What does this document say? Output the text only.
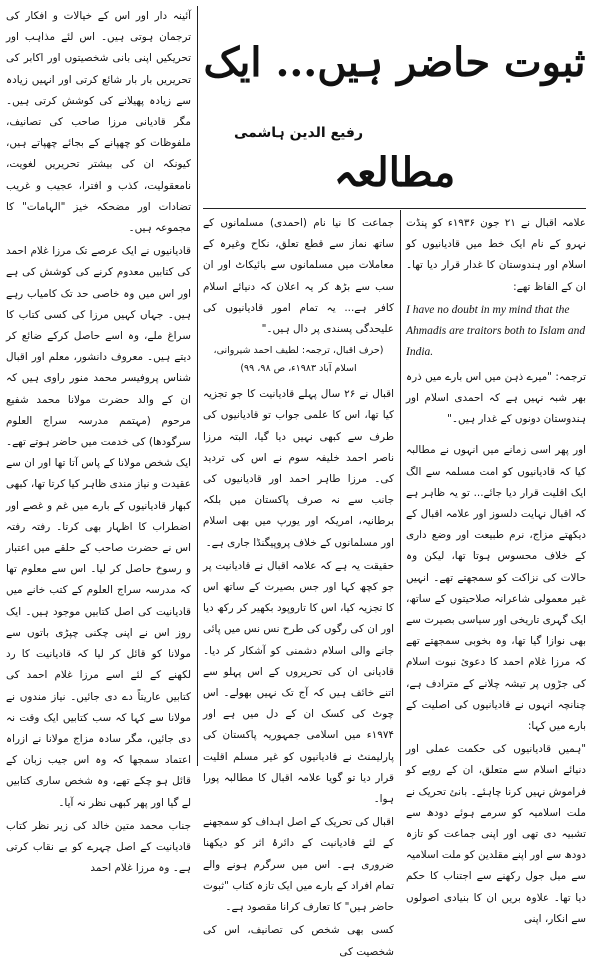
ثبوت حاضر ہیں... ایک مطالعہ
رفیع الدین ہاشمی

آئینہ دار اور اس کے خیالات و افکار کی ترجمان ہوتی ہیں۔ اس لئے مذاہب اور تحریکیں اپنی بانی شخصیتوں اور اکابر کی تحریریں بار بار شائع کرتی اور انہیں زیادہ سے زیادہ پھیلانے کی کوشش کرتی ہیں۔ مگر قادیانی مرزا صاحب کی تصانیف، ملفوظات کو چھپانے کے بجائے چھپاتے ہیں، کیونکہ ان کی بیشتر تحریریں لغویت، نامعقولیت، کذب و افترا، عجیب و غریب تضادات اور مضحکہ خیز "الہامات" کا مجموعہ ہیں۔

قادیانیوں نے ایک عرصے تک مرزا غلام احمد کی کتابیں معدوم کرنے کی کوشش کی ہے اور اس میں وہ خاصی حد تک کامیاب رہے ہیں۔ جہاں کہیں مرزا کی کسی کتاب کا سراغ ملے، وہ اسے حاصل کرکے ضائع کر دیتے ہیں۔ معروف دانشور، معلم اور اقبال شناس پروفیسر محمد منور راوی ہیں کہ ان کے والد حضرت مولانا محمد شفیع مرحوم (مہتمم مدرسہ سراج العلوم سرگودھا) کی خدمت میں حاضر ہوتے تھے۔ ایک شخص مولانا کے پاس آتا تھا اور ان سے عقیدت و نیاز مندی ظاہر کیا کرتا تھا، کبھی کبھار قادیانیوں کے بارے میں غم و غصے اور اضطراب کا اظہار بھی کرتا۔ رفتہ رفتہ اس نے حضرت صاحب کے حلقے میں اعتبار و رسوخ حاصل کر لیا۔ اس سے معلوم تھا کہ مدرسہ سراج العلوم کے کتب خانے میں قادیانیت کی اصل کتابیں موجود ہیں۔ ایک روز اس نے اپنی چکنی چپڑی باتوں سے مولانا کو قائل کر لیا کہ قادیانیت کا رد لکھنے کے لئے اسے مرزا غلام احمد کی کتابیں عاریتاً دے دی جائیں۔ نیاز مندوں نے مولانا سے کہا کہ سب کتابیں ایک وقت نہ دی جائیں، مگر سادہ مزاج مولانا نے ازراہ اعتماد سمجھا کہ وہ اس جیب زبان کے قائل ہو چکے تھے، وہ شخص ساری کتابیں لے گیا اور پھر کبھی نظر نہ آیا۔

جناب محمد متین خالد کی زیر نظر کتاب قادیانیت کے اصل چہرے کو بے نقاب کرتی ہے۔ وہ مرزا غلام احمد

جماعت کا نیا نام (احمدی) مسلمانوں کے ساتھ نماز سے قطع تعلق، نکاح وغیرہ کے معاملات میں مسلمانوں سے بائیکاٹ اور ان سب سے بڑھ کر یہ اعلان کہ دنیائے اسلام کافر ہے... یہ تمام امور قادیانیوں کی علیحدگی پسندی پر دال ہیں۔"

(حرف اقبال، ترجمہ: لطیف احمد شیروانی، اسلام آباد ۱۹۸۳ء، ص ۹۸، ۹۹)

اقبال نے ۲۶ سال پہلے قادیانیت کا جو تجزیہ کیا تھا، اس کا علمی جواب تو قادیانیوں کی طرف سے کبھی نہیں دیا گیا، البتہ مرزا ناصر احمد خلیفہ سوم نے اس کی تردید کی۔ مرزا طاہر احمد اور قادیانیوں کی جانب سے نہ صرف پاکستان میں بلکہ برطانیہ، امریکہ اور یورپ میں بھی اسلام اور مسلمانوں کے خلاف پروپیگنڈا جاری ہے۔

حقیقت یہ ہے کہ علامہ اقبال نے قادیانیت پر جو کچھ کہا اور جس بصیرت کے ساتھ اس کا تجزیہ کیا، اس کا تاروپود بکھیر کر رکھ دیا اور ان کی رگوں کی طرح نس نس میں پائی جانے والی اسلام دشمنی کو آشکار کر دیا۔ قادیانی ان کی تحریروں کے اس پہلو سے اتنے خائف ہیں کہ آج تک نہیں بھولے۔ اس چوٹ کی کسک ان کے دل میں ہے اور ۱۹۷۴ء میں اسلامی جمہوریہ پاکستان کی پارلیمنٹ نے قادیانیوں کو غیر مسلم اقلیت قرار دیا تو گویا علامہ اقبال کا مطالبہ پورا ہوا۔

اقبال کی تحریک کے اصل اہداف کو سمجھنے کے لئے قادیانیت کے دائرۂ اثر کو دیکھنا ضروری ہے۔ اس میں سرگرم ہونے والے تمام افراد کے بارے میں ایک تازہ کتاب "ثبوت حاضر ہیں" کا تعارف کرانا مقصود ہے۔

کسی بھی شخص کی تصانیف، اس کی شخصیت کی

علامہ اقبال نے ۲۱ جون ۱۹۳۶ء کو پنڈت نہرو کے نام ایک خط میں قادیانیوں کو اسلام اور ہندوستان کا غدار قرار دیا تھا۔ ان کے الفاظ تھے:

I have no doubt in my mind that the Ahmadis are traitors both to Islam and India.

ترجمہ: "میرے ذہن میں اس بارے میں ذرہ بھر شبہ نہیں ہے کہ احمدی اسلام اور ہندوستان دونوں کے غدار ہیں۔"

اور پھر اسی زمانے میں انہوں نے مطالبہ کیا کہ قادیانیوں کو امت مسلمہ سے الگ ایک اقلیت قرار دیا جائے... تو یہ ظاہر ہے کہ اقبال نہایت دلسوز اور علامہ اقبال کے دیکھتے مزاج، نرم طبیعت اور وضع داری کے خلاف محسوس ہوتا تھا، لیکن وہ حالات کی نزاکت کو سمجھتے تھے۔ انہیں غیر معمولی شاعرانہ صلاحیتوں کے ساتھ، ایک گہری تاریخی اور سیاسی بصیرت سے بھی نوازا گیا تھا، وہ بخوبی سمجھتے تھے کہ مرزا غلام احمد کا دعوئ نبوت اسلام کی جڑوں پر تیشہ چلانے کے مترادف ہے، چنانچہ انہوں نے قادیانیوں کی اصلیت کے بارے میں کہا:

"ہمیں قادیانیوں کی حکمت عملی اور دنیائے اسلام سے متعلق، ان کے رویے کو فراموش نہیں کرنا چاہئے۔ بانئ تحریک نے ملت اسلامیہ کو سرمے ہوئے دودھ سے تشبیہ دی تھی اور اپنی جماعت کو تازہ دودھ سے اور اپنے مقلدین کو ملت اسلامیہ سے میل جول رکھنے سے اجتناب کا حکم دیا تھا۔ علاوہ بریں ان کا بنیادی اصولوں سے انکار، اپنی
